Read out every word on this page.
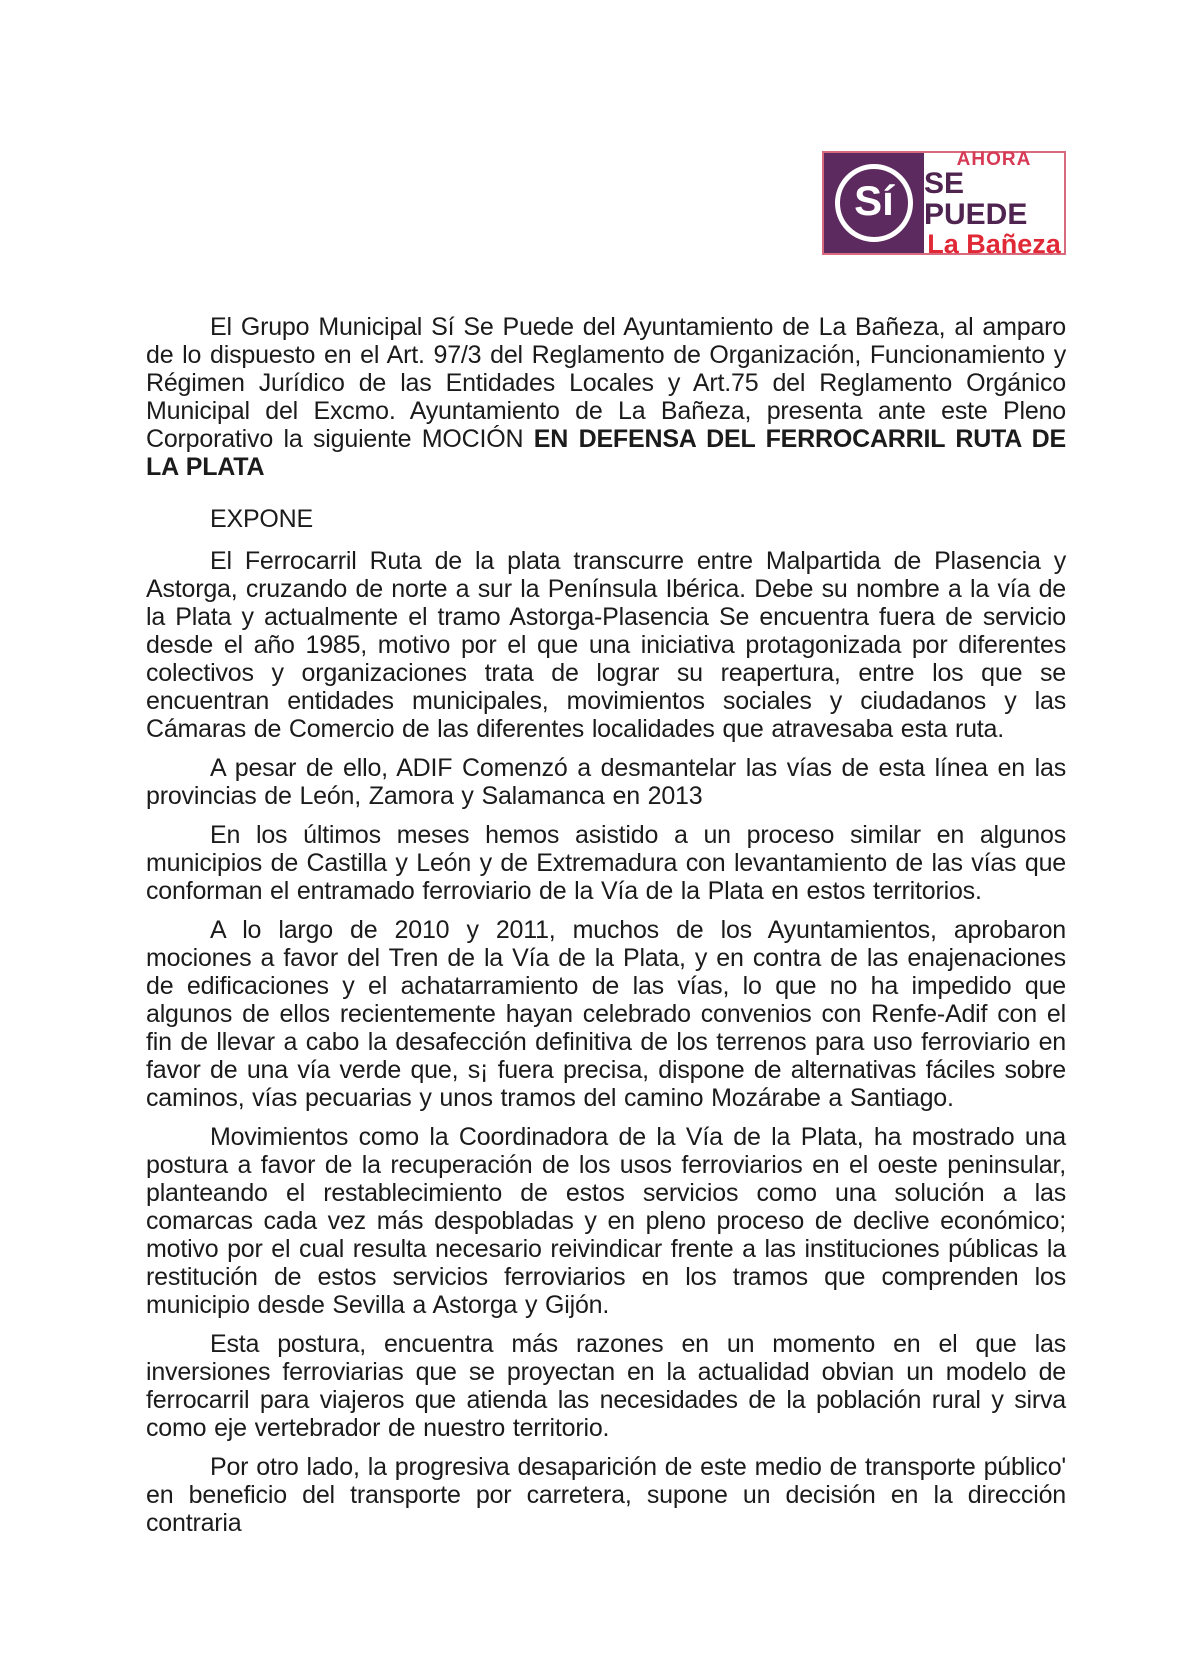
Sí
AHORA
SE PUEDE
La Bañeza

El Grupo Municipal Sí Se Puede del Ayuntamiento de La Bañeza, al amparo de lo dispuesto en el Art. 97/3 del Reglamento de Organización, Funcionamiento y Régimen Jurídico de las Entidades Locales y Art.75 del Reglamento Orgánico Municipal del Excmo. Ayuntamiento de La Bañeza, presenta ante este Pleno Corporativo la siguiente MOCIÓN EN DEFENSA DEL FERROCARRIL RUTA DE LA PLATA

EXPONE

El Ferrocarril Ruta de la plata transcurre entre Malpartida de Plasencia y Astorga, cruzando de norte a sur la Península Ibérica. Debe su nombre a la vía de la Plata y actualmente el tramo Astorga-Plasencia Se encuentra fuera de servicio desde el año 1985, motivo por el que una iniciativa protagonizada por diferentes colectivos y organizaciones trata de lograr su reapertura, entre los que se encuentran entidades municipales, movimientos sociales y ciudadanos y las Cámaras de Comercio de las diferentes localidades que atravesaba esta ruta.

A pesar de ello, ADIF Comenzó a desmantelar las vías de esta línea en las provincias de León, Zamora y Salamanca en 2013

En los últimos meses hemos asistido a un proceso similar en algunos municipios de Castilla y León y de Extremadura con levantamiento de las vías que conforman el entramado ferroviario de la Vía de la Plata en estos territorios.

A lo largo de 2010 y 2011, muchos de los Ayuntamientos, aprobaron mociones a favor del Tren de la Vía de la Plata, y en contra de las enajenaciones de edificaciones y el achatarramiento de las vías, lo que no ha impedido que algunos de ellos recientemente hayan celebrado convenios con Renfe-Adif con el fin de llevar a cabo la desafección definitiva de los terrenos para uso ferroviario en favor de una vía verde que, s¡ fuera precisa, dispone de alternativas fáciles sobre caminos, vías pecuarias y unos tramos del camino Mozárabe a Santiago.

Movimientos como la Coordinadora de la Vía de la Plata, ha mostrado una postura a favor de la recuperación de los usos ferroviarios en el oeste peninsular, planteando el restablecimiento de estos servicios como una solución a las comarcas cada vez más despobladas y en pleno proceso de declive económico; motivo por el cual resulta necesario reivindicar frente a las instituciones públicas la restitución de estos servicios ferroviarios en los tramos que comprenden los municipio desde Sevilla a Astorga y Gijón.

Esta postura, encuentra más razones en un momento en el que las inversiones ferroviarias que se proyectan en la actualidad obvian un modelo de ferrocarril para viajeros que atienda las necesidades de la población rural y sirva como eje vertebrador de nuestro territorio.

Por otro lado, la progresiva desaparición de este medio de transporte público' en beneficio del transporte por carretera, supone un decisión en la dirección contraria
